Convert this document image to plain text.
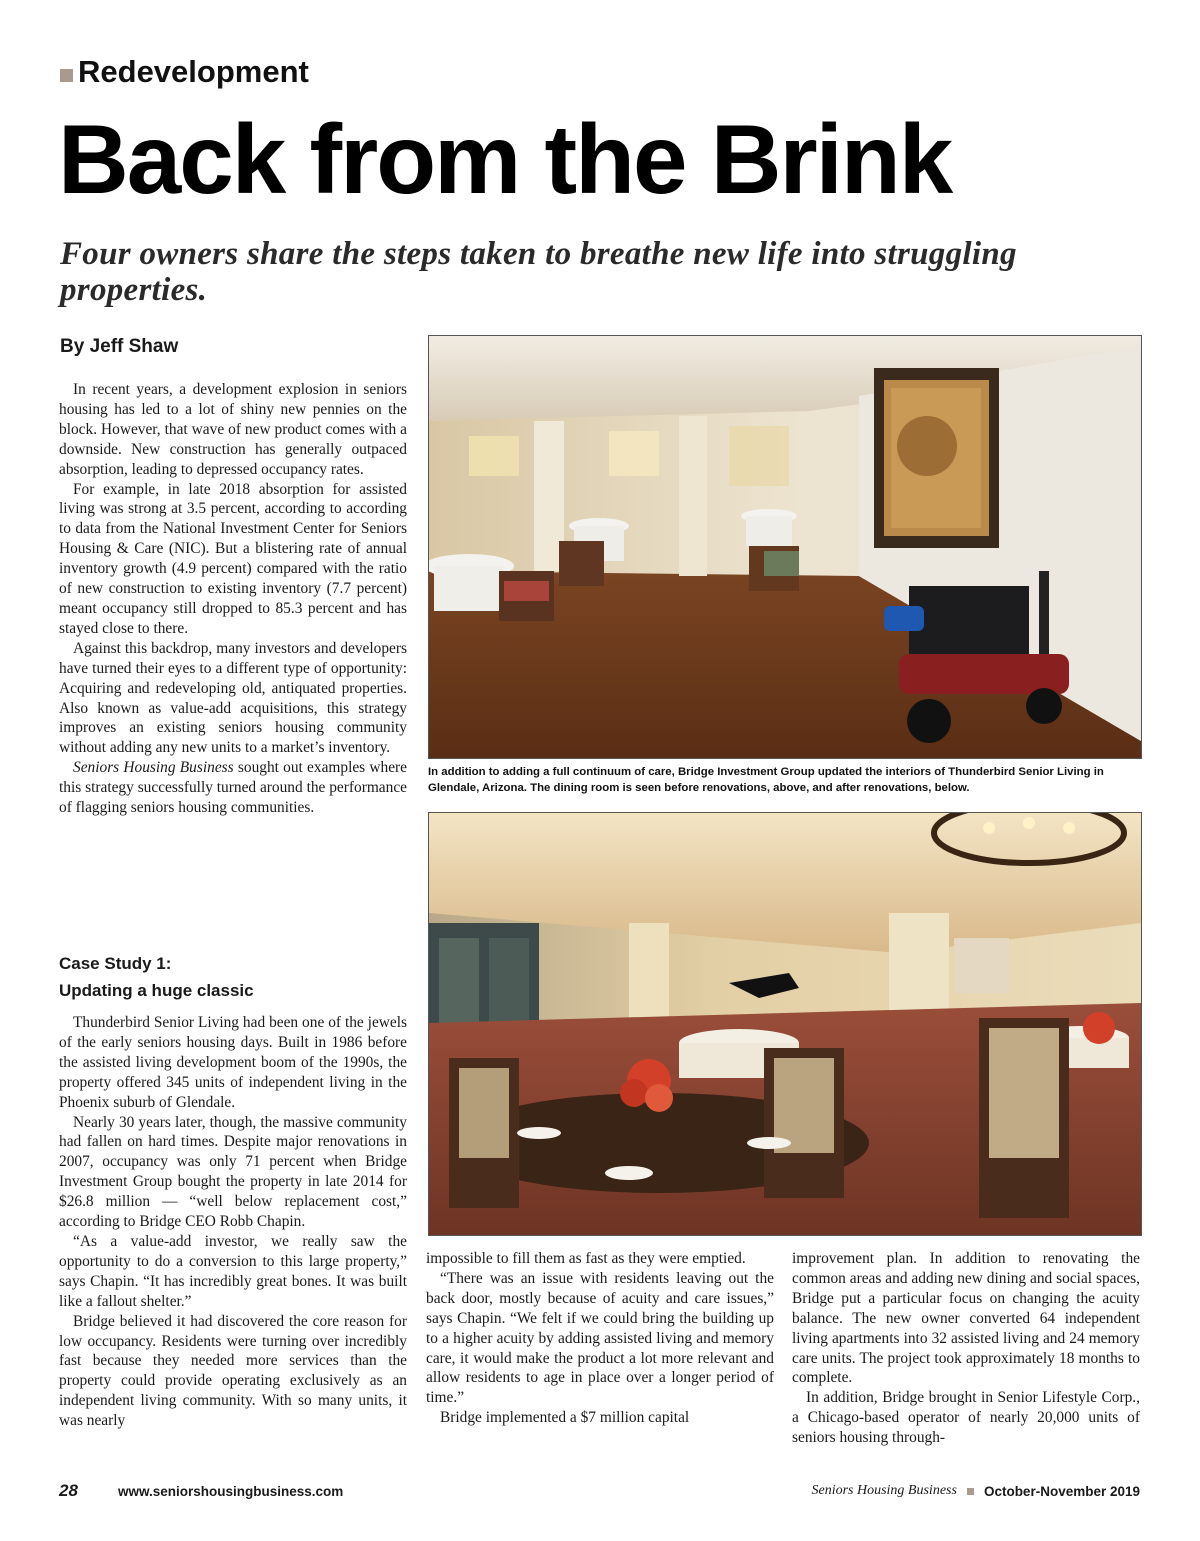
Redevelopment
Back from the Brink

Four owners share the steps taken to breathe new life into struggling properties.

By Jeff Shaw

In recent years, a development explosion in seniors housing has led to a lot of shiny new pennies on the block. However, that wave of new product comes with a downside. New construction has generally outpaced absorption, leading to depressed occupancy rates.

For example, in late 2018 absorption for assisted living was strong at 3.5 percent, according to according to data from the National Investment Center for Seniors Housing & Care (NIC). But a blistering rate of annual inventory growth (4.9 percent) compared with the ratio of new construction to existing inventory (7.7 percent) meant occupancy still dropped to 85.3 percent and has stayed close to there.

Against this backdrop, many investors and developers have turned their eyes to a different type of opportunity: Acquiring and redeveloping old, antiquated properties. Also known as value-add acquisitions, this strategy improves an existing seniors housing community without adding any new units to a market’s inventory.

Seniors Housing Business sought out examples where this strategy successfully turned around the performance of flagging seniors housing communities.

Case Study 1:
Updating a huge classic

Thunderbird Senior Living had been one of the jewels of the early seniors housing days. Built in 1986 before the assisted living development boom of the 1990s, the property offered 345 units of independent living in the Phoenix suburb of Glendale.

Nearly 30 years later, though, the massive community had fallen on hard times. Despite major renovations in 2007, occupancy was only 71 percent when Bridge Investment Group bought the property in late 2014 for $26.8 million — “well below replacement cost,” according to Bridge CEO Robb Chapin.

“As a value-add investor, we really saw the opportunity to do a conversion to this large property,” says Chapin. “It has incredibly great bones. It was built like a fallout shelter.”

Bridge believed it had discovered the core reason for low occupancy. Residents were turning over incredibly fast because they needed more services than the property could provide operating exclusively as an independent living community. With so many units, it was nearly

In addition to adding a full continuum of care, Bridge Investment Group updated the interiors of Thunderbird Senior Living in Glendale, Arizona. The dining room is seen before renovations, above, and after renovations, below.

impossible to fill them as fast as they were emptied.

“There was an issue with residents leaving out the back door, mostly because of acuity and care issues,” says Chapin. “We felt if we could bring the building up to a higher acuity by adding assisted living and memory care, it would make the product a lot more relevant and allow residents to age in place over a longer period of time.”

Bridge implemented a $7 million capital

improvement plan. In addition to renovating the common areas and adding new dining and social spaces, Bridge put a particular focus on changing the acuity balance. The new owner converted 64 independent living apartments into 32 assisted living and 24 memory care units. The project took approximately 18 months to complete.

In addition, Bridge brought in Senior Lifestyle Corp., a Chicago-based operator of nearly 20,000 units of seniors housing through-

28	www.seniorshousingbusiness.com	Seniors Housing Business October-November 2019
